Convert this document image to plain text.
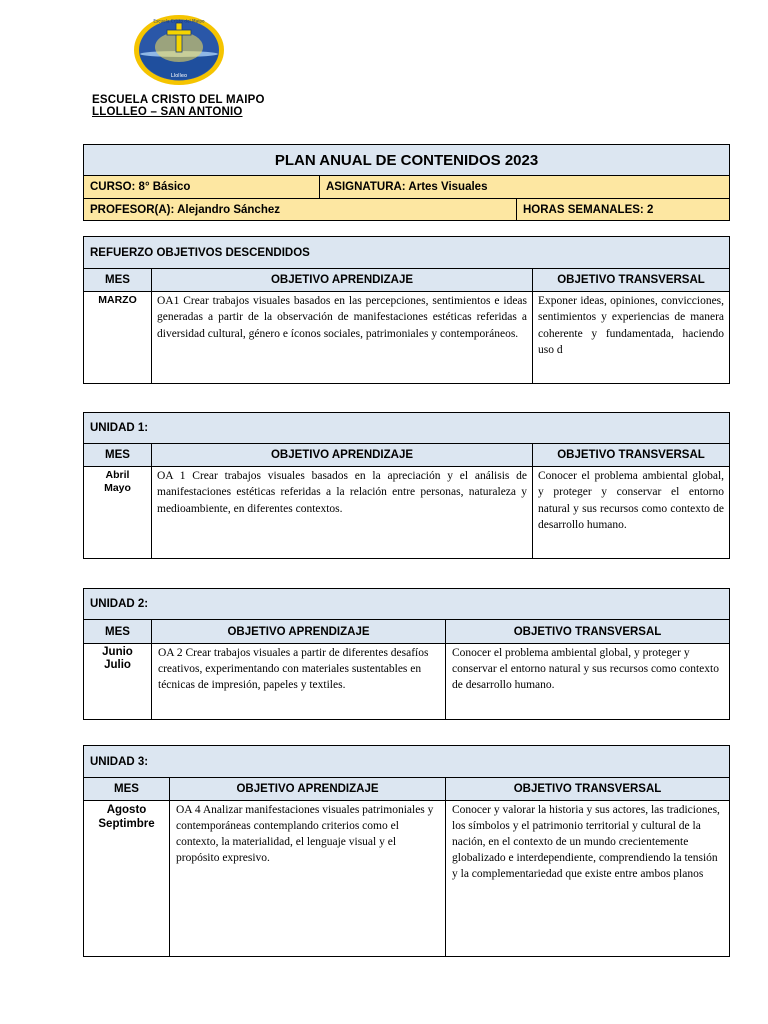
Llolleo
Escuela Cristo del Maipo
ESCUELA CRISTO DEL MAIPO
LLOLLEO – SAN ANTONIO
PLAN ANUAL DE CONTENIDOS 2023		
CURSO: 8° Básico	ASIGNATURA: Artes Visuales	
PROFESOR(A): Alejandro Sánchez		HORAS SEMANALES: 2
REFUERZO OBJETIVOS DESCENDIDOS		
MES	OBJETIVO APRENDIZAJE	OBJETIVO TRANSVERSAL

MARZO	OA1 Crear trabajos visuales basados en las percepciones, sentimientos e ideas generadas a partir de la observación de manifestaciones estéticas referidas a diversidad cultural, género e íconos sociales, patrimoniales y contemporáneos.	Exponer ideas, opiniones, convicciones, sentimientos y experiencias de manera coherente y fundamentada, haciendo uso d
UNIDAD 1:		
MES	OBJETIVO APRENDIZAJE	OBJETIVO TRANSVERSAL

Abril
Mayo	OA 1 Crear trabajos visuales basados en la apreciación y el análisis de manifestaciones estéticas referidas a la relación entre personas, naturaleza y medioambiente, en diferentes contextos.	Conocer el problema ambiental global, y proteger y conservar el entorno natural y sus recursos como contexto de desarrollo humano.
UNIDAD 2:		
MES	OBJETIVO APRENDIZAJE	OBJETIVO TRANSVERSAL

Junio
Julio	OA 2 Crear trabajos visuales a partir de diferentes desafíos creativos, experimentando con materiales sustentables en técnicas de impresión, papeles y textiles.	Conocer el problema ambiental global, y proteger y conservar el entorno natural y sus recursos como contexto de desarrollo humano.
UNIDAD 3:		
MES	OBJETIVO APRENDIZAJE	OBJETIVO TRANSVERSAL

Agosto
Septimbre	OA 4 Analizar manifestaciones visuales patrimoniales y contemporáneas contemplando criterios como el contexto, la materialidad, el lenguaje visual y el propósito expresivo.	Conocer y valorar la historia y sus actores, las tradiciones, los símbolos y el patrimonio territorial y cultural de la nación, en el contexto de un mundo crecientemente globalizado e interdependiente, comprendiendo la tensión y la complementariedad que existe entre ambos planos
